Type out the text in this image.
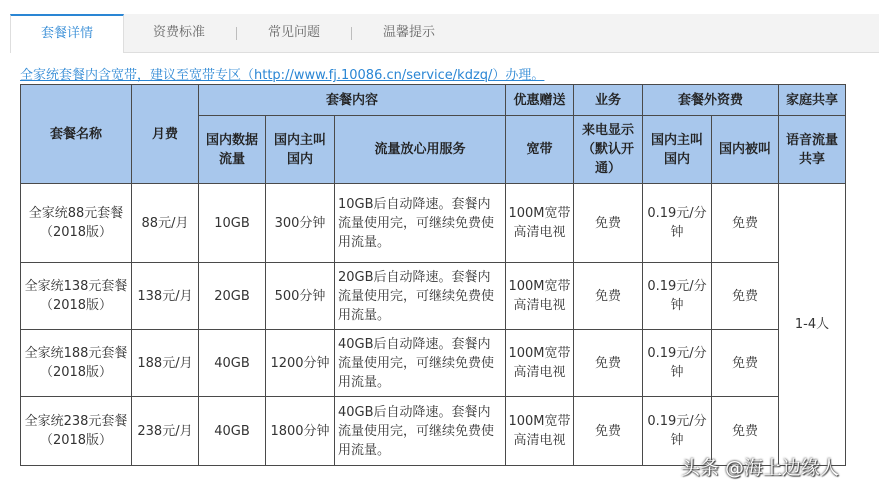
套餐详情	资费标准	常见问题	温馨提示
全家统套餐内含宽带，建议至宽带专区（http://www.fj.10086.cn/service/kdzq/）办理。
套餐名称	月费	套餐内容			优惠赠送	业务	套餐外资费		家庭共享
		国内数据流量	国内主叫国内	流量放心用服务	宽带	来电显示（默认开通）	国内主叫国内	国内被叫	语音流量共享
全家统88元套餐（2018版）	88元/月	10GB	300分钟	10GB后自动降速。套餐内流量使用完，可继续免费使用流量。	100M宽带高清电视	免费	0.19元/分钟	免费	1-4人
全家统138元套餐（2018版）	138元/月	20GB	500分钟	20GB后自动降速。套餐内流量使用完，可继续免费使用流量。	100M宽带高清电视	免费	0.19元/分钟	免费	
全家统188元套餐（2018版）	188元/月	40GB	1200分钟	40GB后自动降速。套餐内流量使用完，可继续免费使用流量。	100M宽带高清电视	免费	0.19元/分钟	免费	
全家统238元套餐（2018版）	238元/月	40GB	1800分钟	40GB后自动降速。套餐内流量使用完，可继续免费使用流量。	100M宽带高清电视	免费	0.19元/分钟	免费	
头条 @海上边缘人
